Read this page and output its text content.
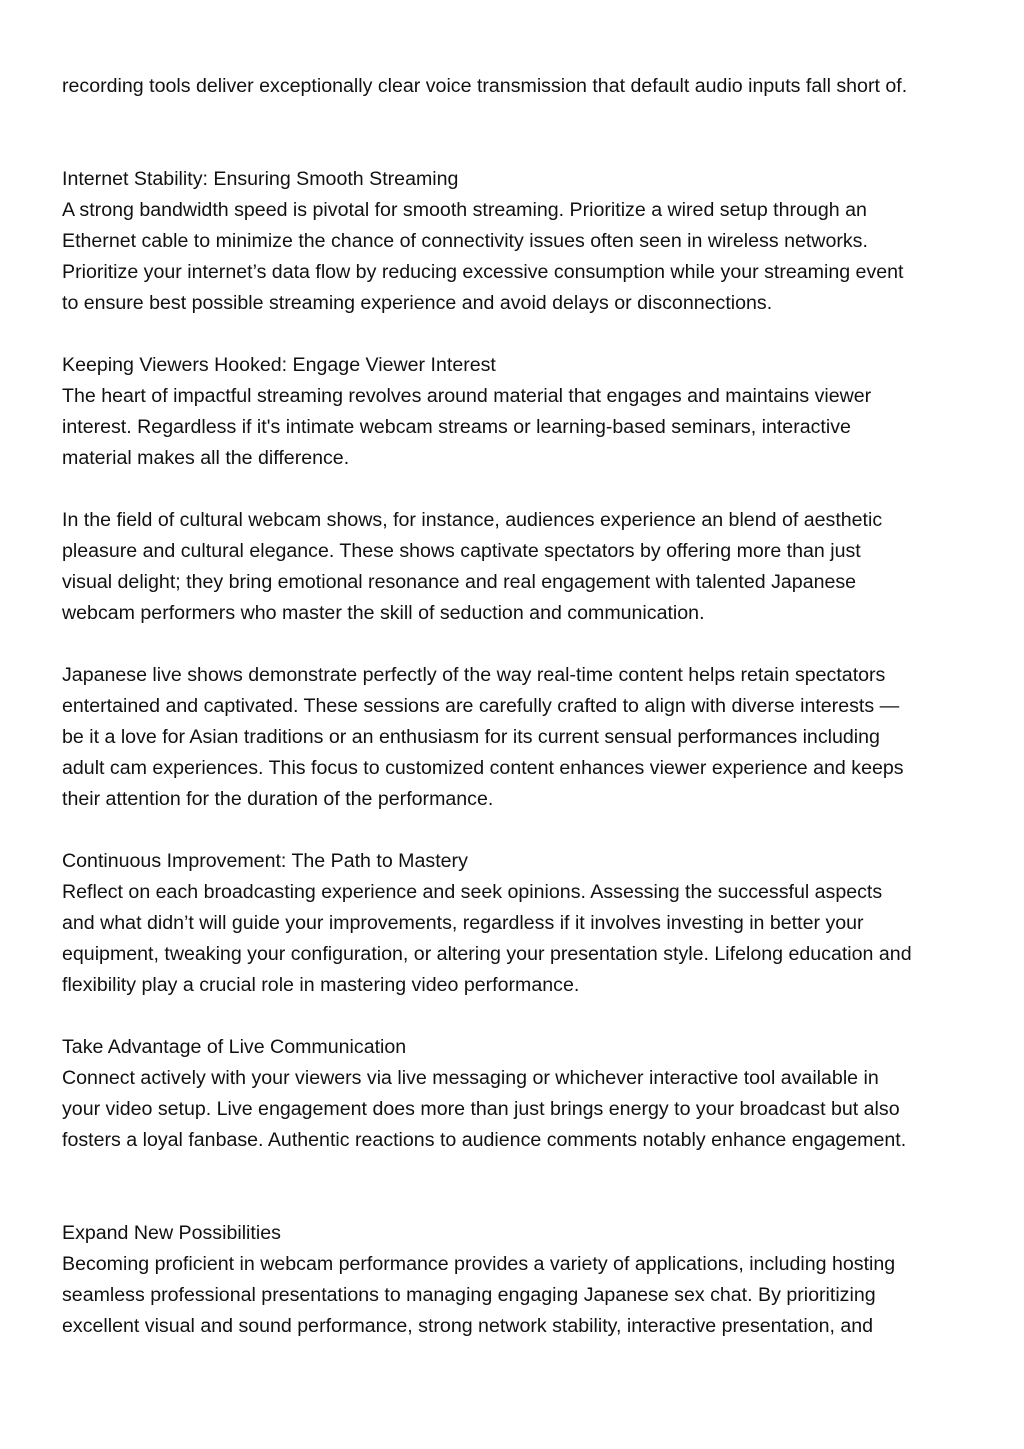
recording tools deliver exceptionally clear voice transmission that default audio inputs fall short of.
Internet Stability: Ensuring Smooth Streaming
A strong bandwidth speed is pivotal for smooth streaming. Prioritize a wired setup through an
Ethernet cable to minimize the chance of connectivity issues often seen in wireless networks.
Prioritize your internet’s data flow by reducing excessive consumption while your streaming event
to ensure best possible streaming experience and avoid delays or disconnections.
Keeping Viewers Hooked: Engage Viewer Interest
The heart of impactful streaming revolves around material that engages and maintains viewer
interest. Regardless if it's intimate webcam streams or learning-based seminars, interactive
material makes all the difference.
In the field of cultural webcam shows, for instance, audiences experience an blend of aesthetic
pleasure and cultural elegance. These shows captivate spectators by offering more than just
visual delight; they bring emotional resonance and real engagement with talented Japanese
webcam performers who master the skill of seduction and communication.
Japanese live shows demonstrate perfectly of the way real-time content helps retain spectators
entertained and captivated. These sessions are carefully crafted to align with diverse interests —
be it a love for Asian traditions or an enthusiasm for its current sensual performances including
adult cam experiences. This focus to customized content enhances viewer experience and keeps
their attention for the duration of the performance.
Continuous Improvement: The Path to Mastery
Reflect on each broadcasting experience and seek opinions. Assessing the successful aspects
and what didn’t will guide your improvements, regardless if it involves investing in better your
equipment, tweaking your configuration, or altering your presentation style. Lifelong education and
flexibility play a crucial role in mastering video performance.
Take Advantage of Live Communication
Connect actively with your viewers via live messaging or whichever interactive tool available in
your video setup. Live engagement does more than just brings energy to your broadcast but also
fosters a loyal fanbase. Authentic reactions to audience comments notably enhance engagement.
Expand New Possibilities
Becoming proficient in webcam performance provides a variety of applications, including hosting
seamless professional presentations to managing engaging Japanese sex chat. By prioritizing
excellent visual and sound performance, strong network stability, interactive presentation, and
